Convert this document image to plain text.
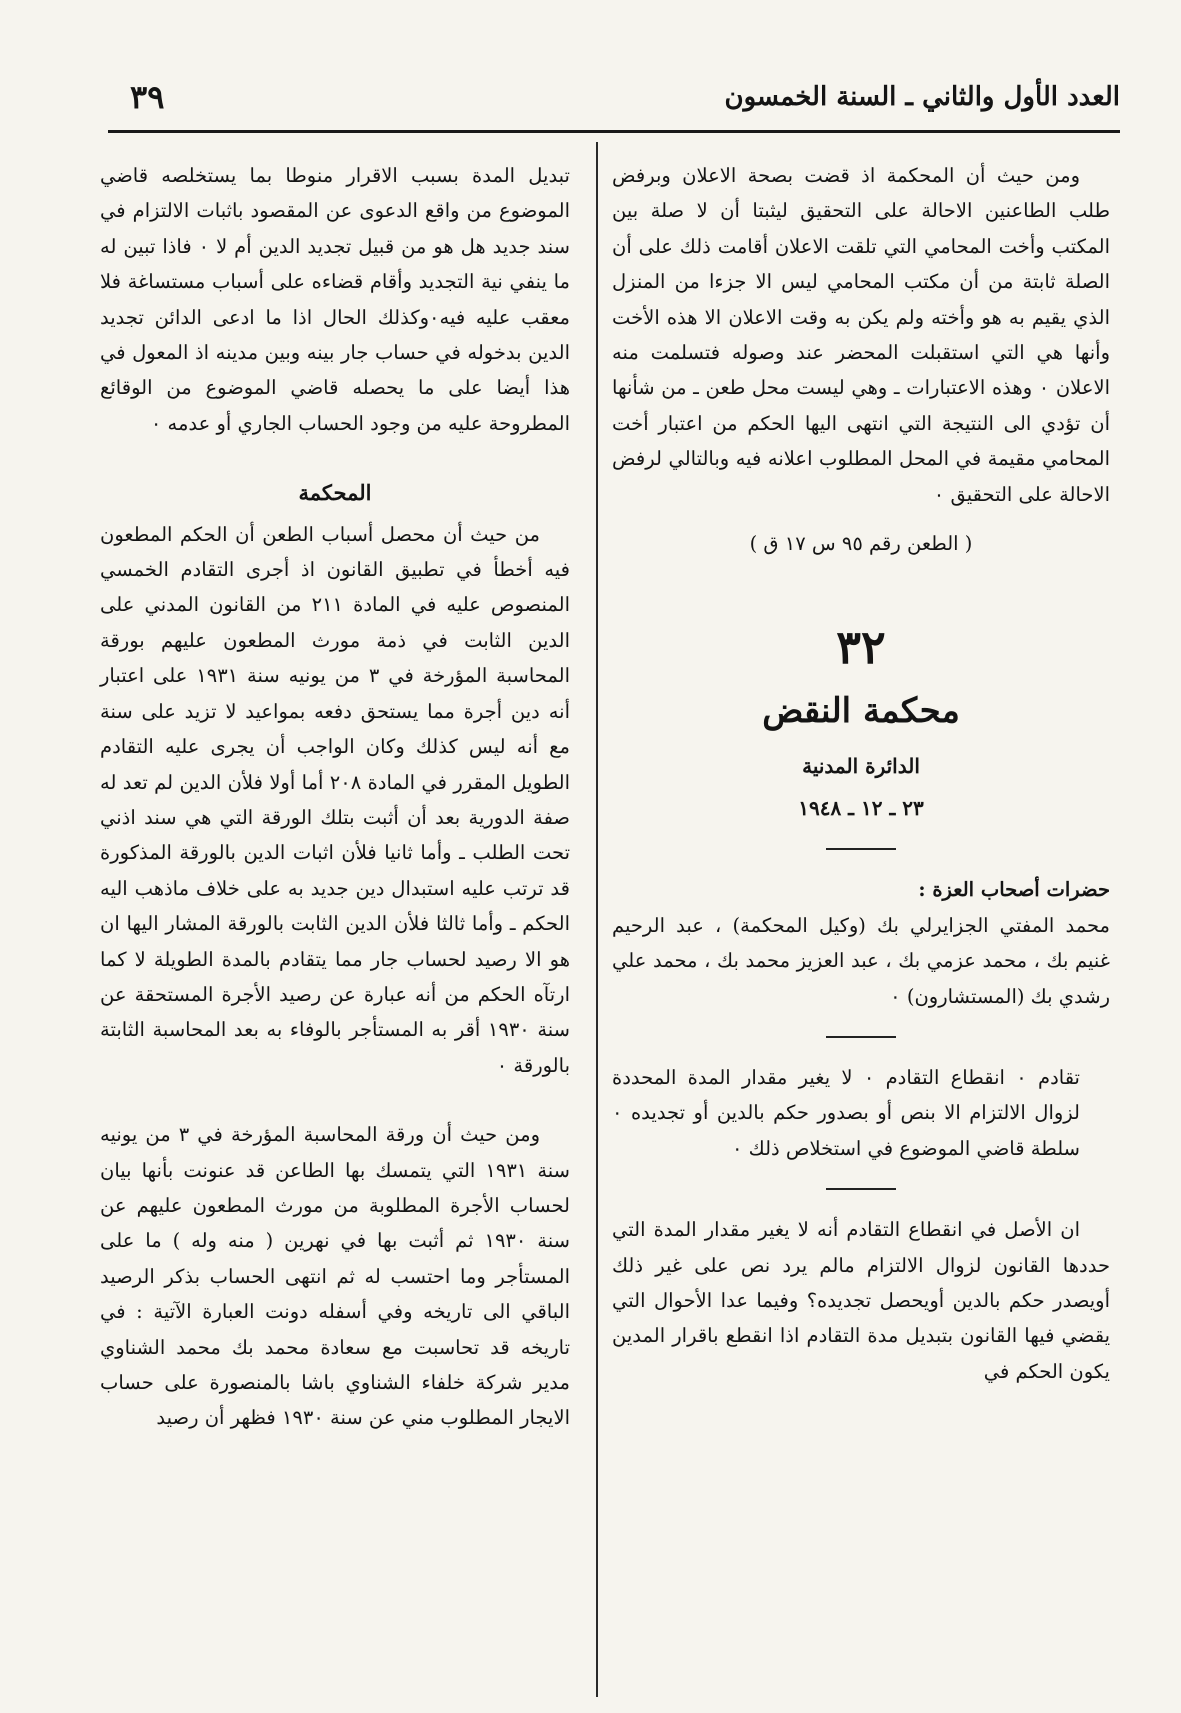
العدد الأول والثاني ـ السنة الخمسون
٣٩

ومن حيث أن المحكمة اذ قضت بصحة الاعلان وبرفض طلب الطاعنين الاحالة على التحقيق ليثبتا أن لا صلة بين المكتب وأخت المحامي التي تلقت الاعلان أقامت ذلك على أن الصلة ثابتة من أن مكتب المحامي ليس الا جزءا من المنزل الذي يقيم به هو وأخته ولم يكن به وقت الاعلان الا هذه الأخت وأنها هي التي استقبلت المحضر عند وصوله فتسلمت منه الاعلان ٠ وهذه الاعتبارات ـ وهي ليست محل طعن ـ من شأنها أن تؤدي الى النتيجة التي انتهى اليها الحكم من اعتبار أخت المحامي مقيمة في المحل المطلوب اعلانه فيه وبالتالي لرفض الاحالة على التحقيق ٠

( الطعن رقم ٩٥ س ١٧ ق )

٣٢

محكمة النقض

الدائرة المدنية

٢٣ ـ ١٢ ـ ١٩٤٨

حضرات أصحاب العزة :

محمد المفتي الجزايرلي بك (وكيل المحكمة) ، عبد الرحيم غنيم بك ، محمد عزمي بك ، عبد العزيز محمد بك ، محمد علي رشدي بك (المستشارون) ٠

تقادم ٠ انقطاع التقادم ٠ لا يغير مقدار المدة المحددة لزوال الالتزام الا بنص أو بصدور حكم بالدين أو تجديده ٠ سلطة قاضي الموضوع في استخلاص ذلك ٠

ان الأصل في انقطاع التقادم أنه لا يغير مقدار المدة التي حددها القانون لزوال الالتزام مالم يرد نص على غير ذلك أويصدر حكم بالدين أويحصل تجديده؟ وفيما عدا الأحوال التي يقضي فيها القانون بتبديل مدة التقادم اذا انقطع باقرار المدين يكون الحكم في

تبديل المدة بسبب الاقرار منوطا بما يستخلصه قاضي الموضوع من واقع الدعوى عن المقصود باثبات الالتزام في سند جديد هل هو من قبيل تجديد الدين أم لا ٠ فاذا تبين له ما ينفي نية التجديد وأقام قضاءه على أسباب مستساغة فلا معقب عليه فيه٠وكذلك الحال اذا ما ادعى الدائن تجديد الدين بدخوله في حساب جار بينه وبين مدينه اذ المعول في هذا أيضا على ما يحصله قاضي الموضوع من الوقائع المطروحة عليه من وجود الحساب الجاري أو عدمه ٠

المحكمة

من حيث أن محصل أسباب الطعن أن الحكم المطعون فيه أخطأ في تطبيق القانون اذ أجرى التقادم الخمسي المنصوص عليه في المادة ٢١١ من القانون المدني على الدين الثابت في ذمة مورث المطعون عليهم بورقة المحاسبة المؤرخة في ٣ من يونيه سنة ١٩٣١ على اعتبار أنه دين أجرة مما يستحق دفعه بمواعيد لا تزيد على سنة مع أنه ليس كذلك وكان الواجب أن يجرى عليه التقادم الطويل المقرر في المادة ٢٠٨ أما أولا فلأن الدين لم تعد له صفة الدورية بعد أن أثبت بتلك الورقة التي هي سند اذني تحت الطلب ـ وأما ثانيا فلأن اثبات الدين بالورقة المذكورة قد ترتب عليه استبدال دين جديد به على خلاف ماذهب اليه الحكم ـ وأما ثالثا فلأن الدين الثابت بالورقة المشار اليها ان هو الا رصيد لحساب جار مما يتقادم بالمدة الطويلة لا كما ارتآه الحكم من أنه عبارة عن رصيد الأجرة المستحقة عن سنة ١٩٣٠ أقر به المستأجر بالوفاء به بعد المحاسبة الثابتة بالورقة ٠

ومن حيث أن ورقة المحاسبة المؤرخة في ٣ من يونيه سنة ١٩٣١ التي يتمسك بها الطاعن قد عنونت بأنها بيان لحساب الأجرة المطلوبة من مورث المطعون عليهم عن سنة ١٩٣٠ ثم أثبت بها في نهرين ( منه وله ) ما على المستأجر وما احتسب له ثم انتهى الحساب بذكر الرصيد الباقي الى تاريخه وفي أسفله دونت العبارة الآتية : في تاريخه قد تحاسبت مع سعادة محمد بك محمد الشناوي مدير شركة خلفاء الشناوي باشا بالمنصورة على حساب الايجار المطلوب مني عن سنة ١٩٣٠ فظهر أن رصيد
